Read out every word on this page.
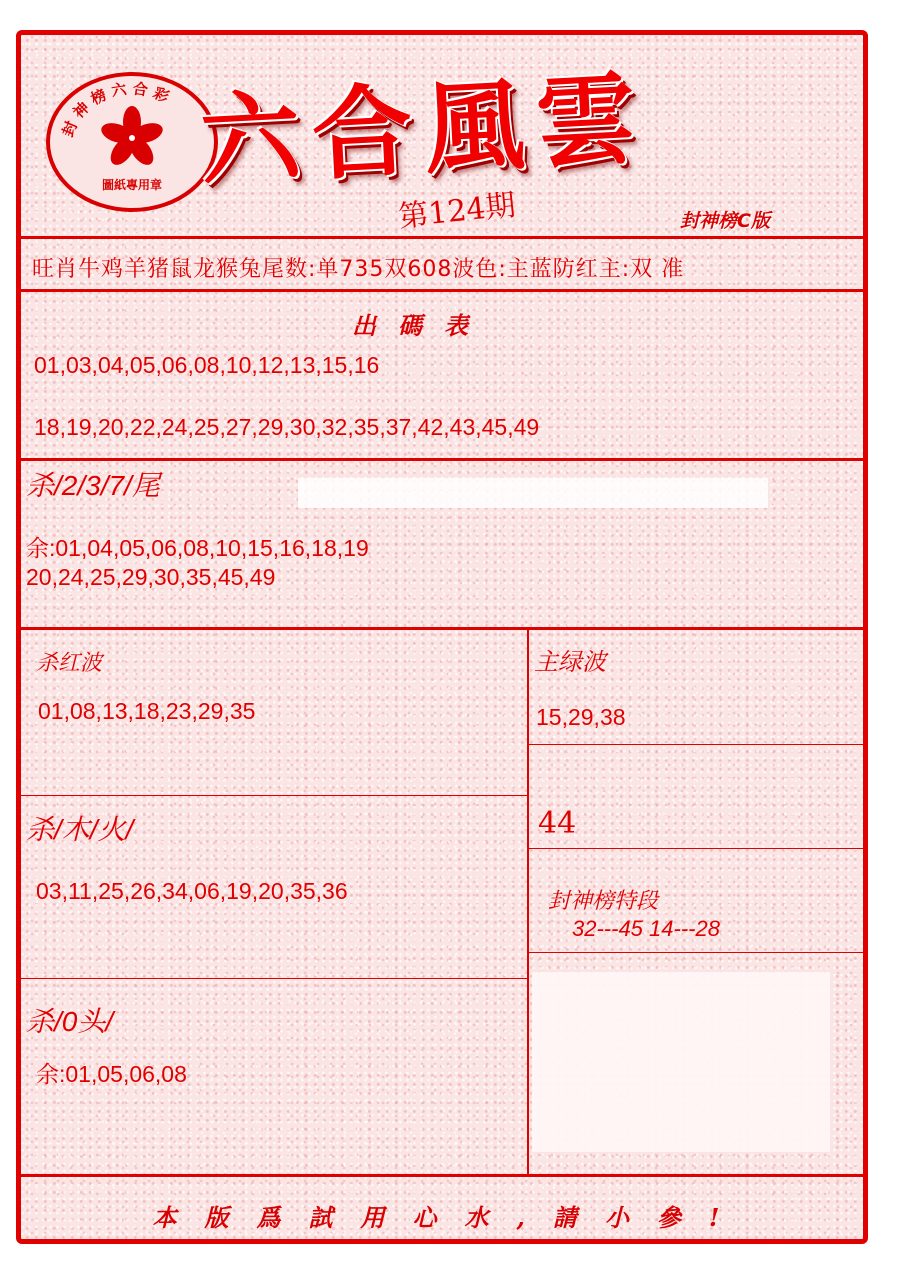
封神榜六合彩
圖紙專用章 六合風雲
第124期	封神榜C版
旺肖牛鸡羊猪鼠龙猴兔尾数:单735双608波色:主蓝防红主:双 准
出碼表
01,03,04,05,06,08,10,12,13,15,16
18,19,20,22,24,25,27,29,30,32,35,37,42,43,45,49
杀/2/3/7/尾
余:01,04,05,06,08,10,15,16,18,19
20,24,25,29,30,35,45,49
杀红波
01,08,13,18,23,29,35
杀/木/火/
03,11,25,26,34,06,19,20,35,36
杀/0头/
余:01,05,06,08
主绿波
15,29,38
44
封神榜特段
32---45 14---28
本版爲試用心水,請小參!
